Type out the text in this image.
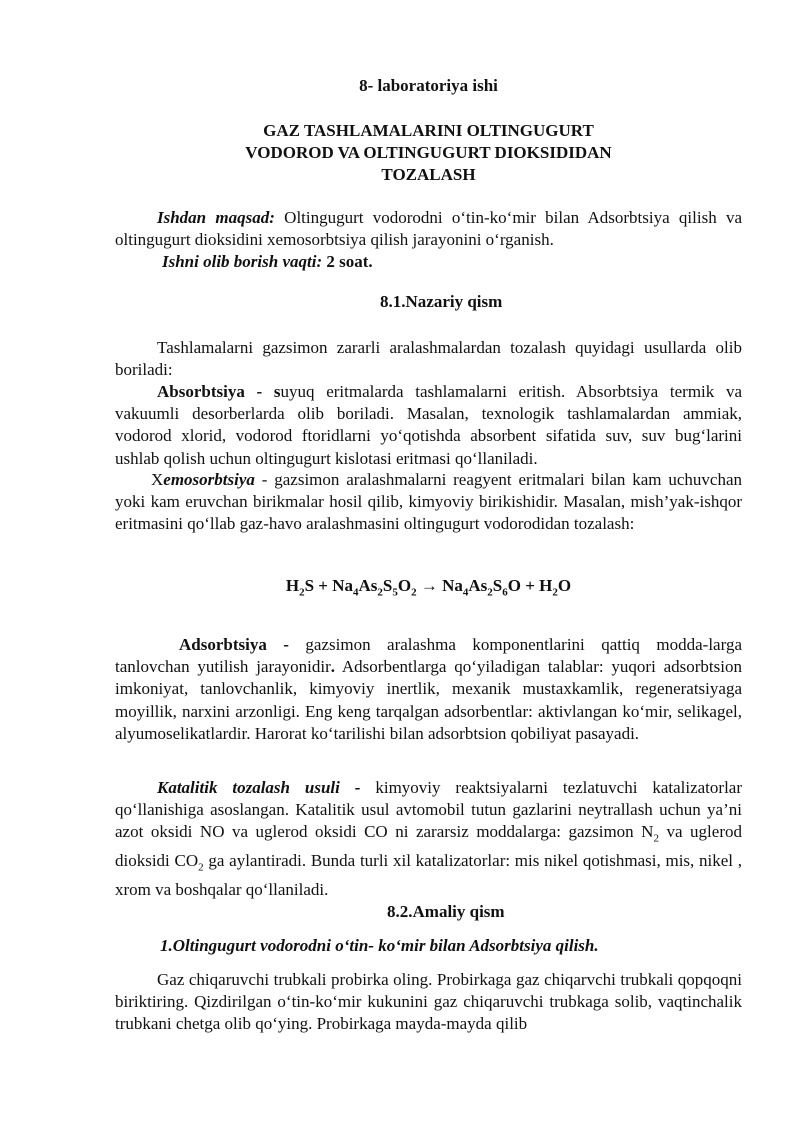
8- laboratoriya ishi
GAZ TASHLAMALARINI OLTINGUGURT
VODOROD VA OLTINGUGURT DIOKSIDIDAN
TOZALASH

Ishdan maqsad: Oltingugurt vodorodni o‘tin-ko‘mir bilan Adsorbtsiya qilish va oltingugurt dioksidini xemosorbtsiya qilish jarayonini o‘rganish.

Ishni olib borish vaqti: 2 soat.

8.1.Nazariy qism

Tashlamalarni gazsimon zararli aralashmalardan tozalash quyidagi usullarda olib boriladi:

Absorbtsiya - suyuq eritmalarda tashlamalarni eritish. Absorbtsiya termik va vakuumli desorberlarda olib boriladi. Masalan, texnologik tashlamalardan ammiak, vodorod xlorid, vodorod ftoridlarni yo‘qotishda absorbent sifatida suv, suv bug‘larini ushlab qolish uchun oltingugurt kislotasi eritmasi qo‘llaniladi.

Xemosorbtsiya - gazsimon aralashmalarni reagyent eritmalari bilan kam uchuvchan yoki kam eruvchan birikmalar hosil qilib, kimyoviy birikishidir. Masalan, mish’yak-ishqor eritmasini qo‘llab gaz-havo aralashmasini oltingugurt vodorodidan tozalash:

$H_2S + Na_4As_2S_5O_2 \to Na_4As_2S_6O + H_2O$

Adsorbtsiya - gazsimon aralashma komponentlarini qattiq modda-larga tanlovchan yutilish jarayonidir. Adsorbentlarga qo‘yiladigan talablar: yuqori adsorbtsion imkoniyat, tanlovchanlik, kimyoviy inertlik, mexanik mustaxkamlik, regeneratsiyaga moyillik, narxini arzonligi. Eng keng tarqalgan adsorbentlar: aktivlangan ko‘mir, selikagel, alyumoselikatlardir. Harorat ko‘tarilishi bilan adsorbtsion qobiliyat pasayadi.

Katalitik tozalash usuli - kimyoviy reaktsiyalarni tezlatuvchi katalizatorlar qo‘llanishiga asoslangan. Katalitik usul avtomobil tutun gazlarini neytrallash uchun ya’ni azot oksidi NO va uglerod oksidi CO ni zararsiz moddalarga: gazsimon $N_2$ va uglerod dioksidi $CO_2$ ga aylantiradi. Bunda turli xil katalizatorlar: mis nikel qotishmasi, mis, nikel , xrom va boshqalar qo‘llaniladi.

8.2.Amaliy qism

1.Oltingugurt vodorodni o‘tin- ko‘mir bilan Adsorbtsiya qilish.

Gaz chiqaruvchi trubkali probirka oling. Probirkaga gaz chiqarvchi trubkali qopqoqni biriktiring. Qizdirilgan o‘tin-ko‘mir kukunini gaz chiqaruvchi trubkaga solib, vaqtinchalik trubkani chetga olib qo‘ying. Probirkaga mayda-mayda qilib
